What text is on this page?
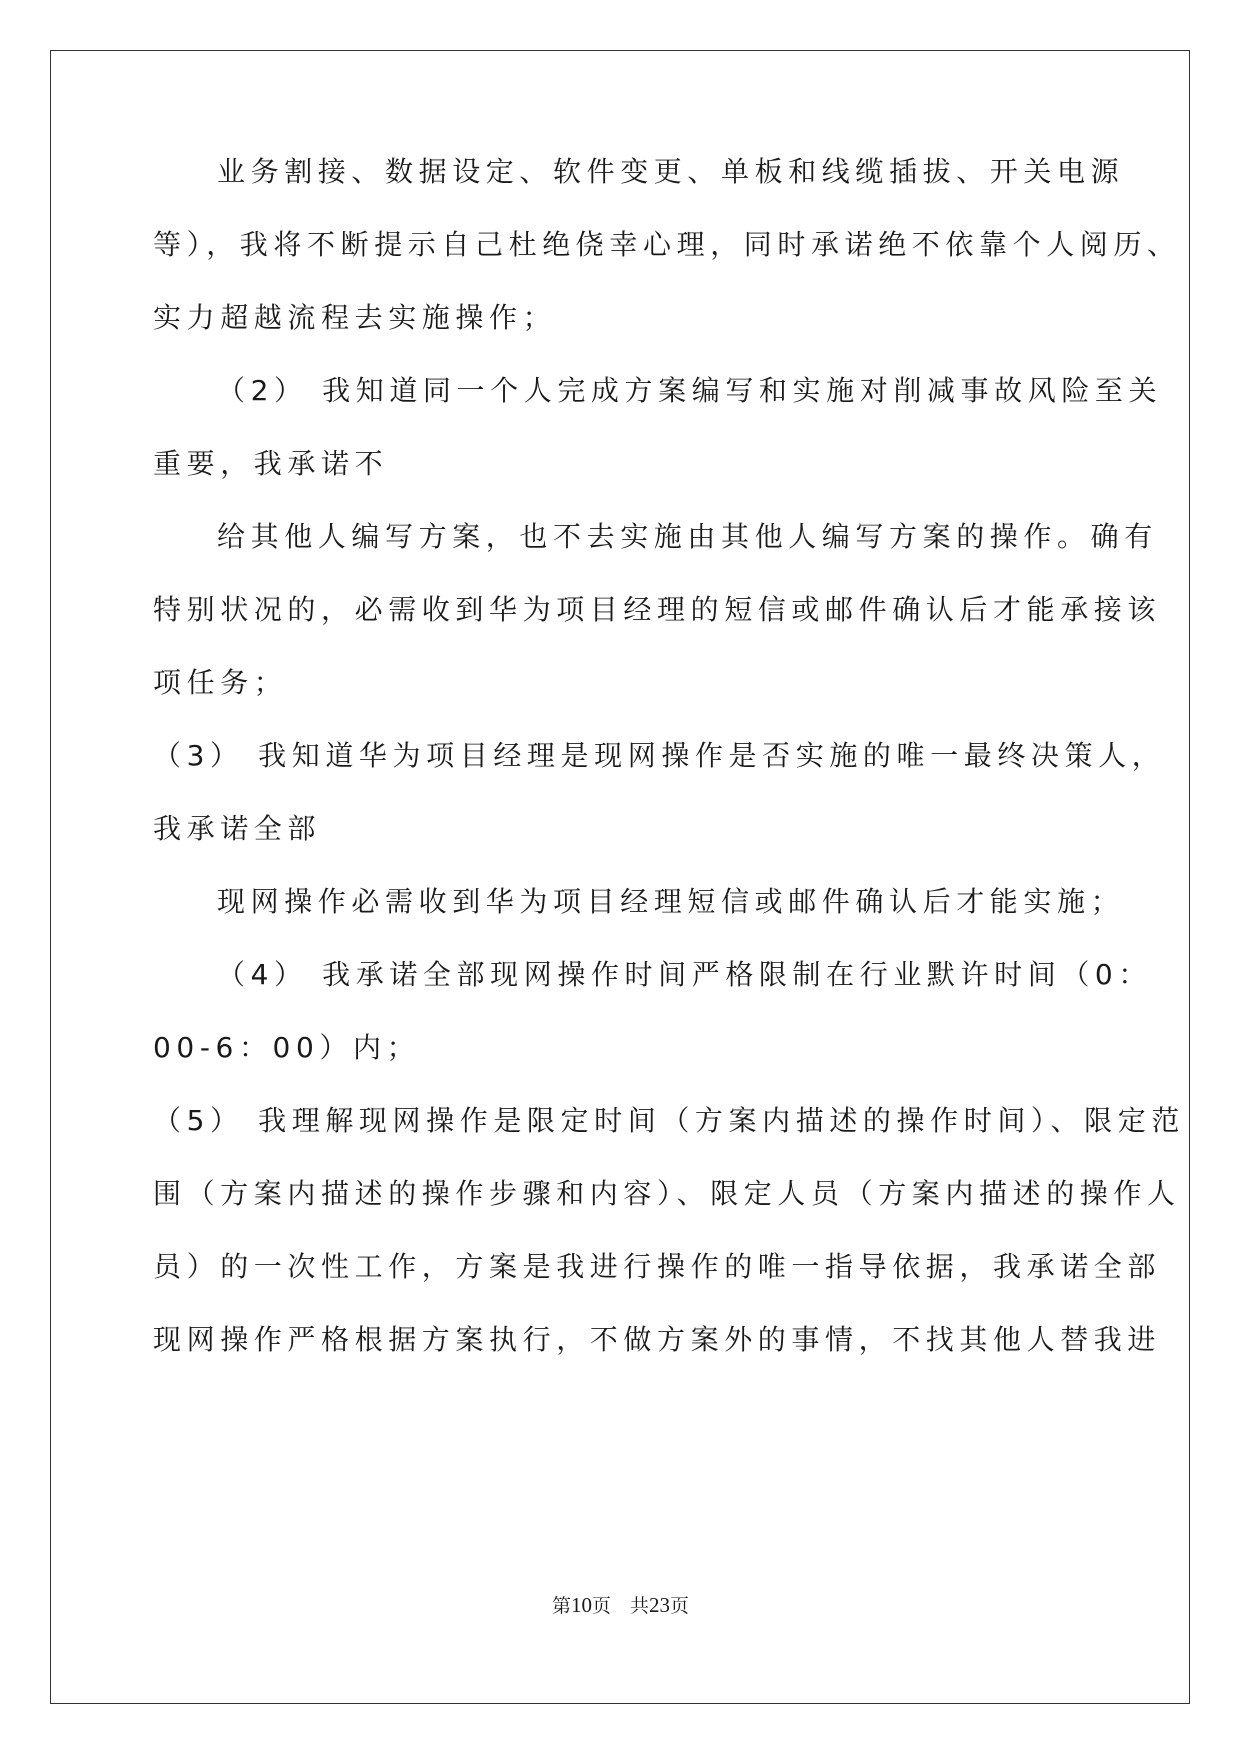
业务割接、数据设定、软件变更、单板和线缆插拔、开关电源
等），我将不断提示自己杜绝侥幸心理，同时承诺绝不依靠个人阅历、
实力超越流程去实施操作；
（2） 我知道同一个人完成方案编写和实施对削减事故风险至关
重要，我承诺不
给其他人编写方案，也不去实施由其他人编写方案的操作。确有
特别状况的，必需收到华为项目经理的短信或邮件确认后才能承接该
项任务；
（3） 我知道华为项目经理是现网操作是否实施的唯一最终决策人，
我承诺全部
现网操作必需收到华为项目经理短信或邮件确认后才能实施；
（4） 我承诺全部现网操作时间严格限制在行业默许时间（0：
00-6：00）内；
（5） 我理解现网操作是限定时间（方案内描述的操作时间）、限定范
围（方案内描述的操作步骤和内容）、限定人员（方案内描述的操作人
员）的一次性工作，方案是我进行操作的唯一指导依据，我承诺全部
现网操作严格根据方案执行，不做方案外的事情，不找其他人替我进
第10页　共23页
